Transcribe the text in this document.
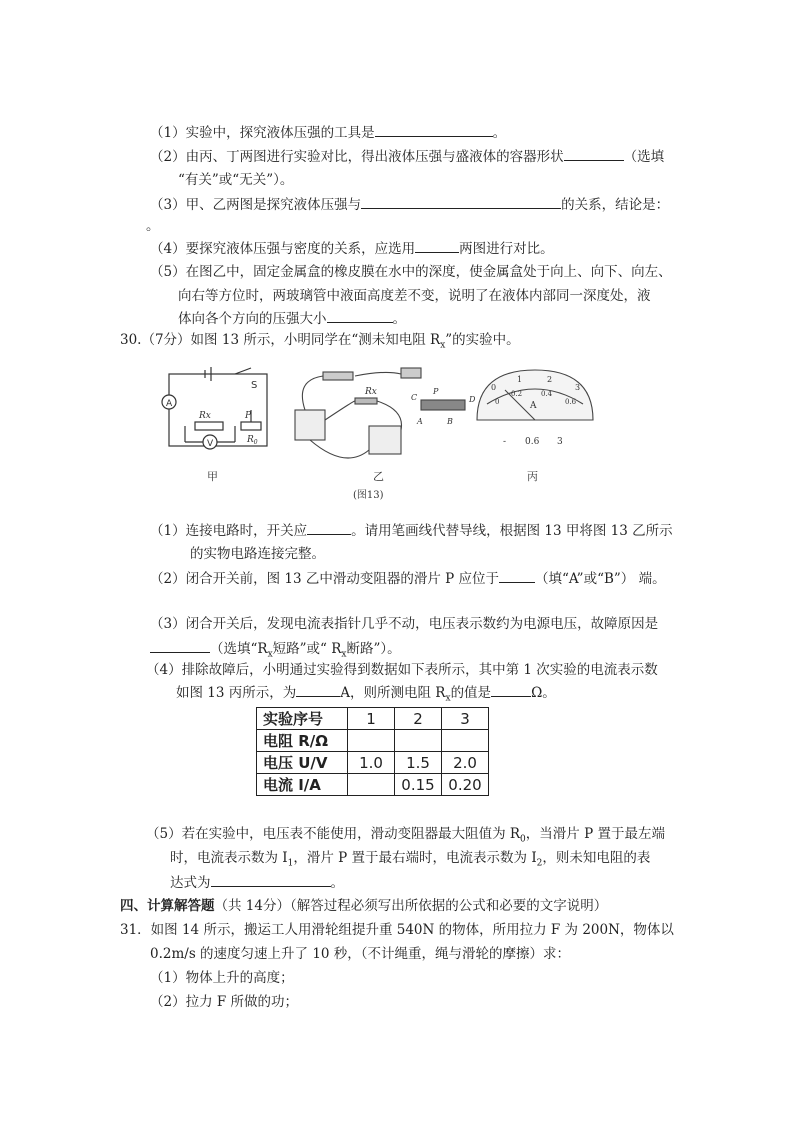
（1）实验中，探究液体压强的工具是	。
（2）由丙、丁两图进行实验对比，得出液体压强与盛液体的容器形状	（选填
“有关”或“无关”）。
（3）甲、乙两图是探究液体压强与	的关系，结论是：
。
（4）要探究液体压强与密度的关系，应选用	两图进行对比。
（5）在图乙中，固定金属盒的橡皮膜在水中的深度，使金属盒处于向上、向下、向左、
向右等方位时，两玻璃管中液面高度差不变，说明了在液体内部同一深度处，液
体向各个方向的压强大小	。
30.（7分）如图 13 所示，小明同学在“测未知电阻 $R_x$”的实验中。
A
V
S
Rx	P
$R_0$
甲
Rx
C	D
A	B
P
乙
0
1	2
3
0
0.2	0.4
0.6
A
- 0.6 3
丙
(图13)
（1）连接电路时，开关应	。请用笔画线代替导线，根据图 13 甲将图 13 乙所示
的实物电路连接完整。
（2）闭合开关前，图 13 乙中滑动变阻器的滑片 P 应位于	（填“A”或“B”） 端。
（3）闭合开关后，发现电流表指针几乎不动，电压表示数约为电源电压，故障原因是
（选填“$R_x$短路”或“ $R_x$断路”）。
（4）排除故障后，小明通过实验得到数据如下表所示，其中第 1 次实验的电流表示数
如图 13 丙所示，为	A，则所测电阻 $R_x$的值是	Ω。
实验序号	1	2	3
电阻 R/Ω			
电压 U/V	1.0	1.5	2.0
电流 I/A		0.15	0.20
（5）若在实验中，电压表不能使用，滑动变阻器最大阻值为 $R_0$，当滑片 P 置于最左端
时，电流表示数为 $I_1$，滑片 P 置于最右端时，电流表示数为 $I_2$，则未知电阻的表
达式为	。
四、计算解答题（共 14分）（解答过程必须写出所依据的公式和必要的文字说明）
31．如图 14 所示，搬运工人用滑轮组提升重 540N 的物体，所用拉力 F 为 200N，物体以
0.2m/s 的速度匀速上升了 10 秒，（不计绳重，绳与滑轮的摩擦）求：
（1）物体上升的高度；
（2）拉力 F 所做的功；
